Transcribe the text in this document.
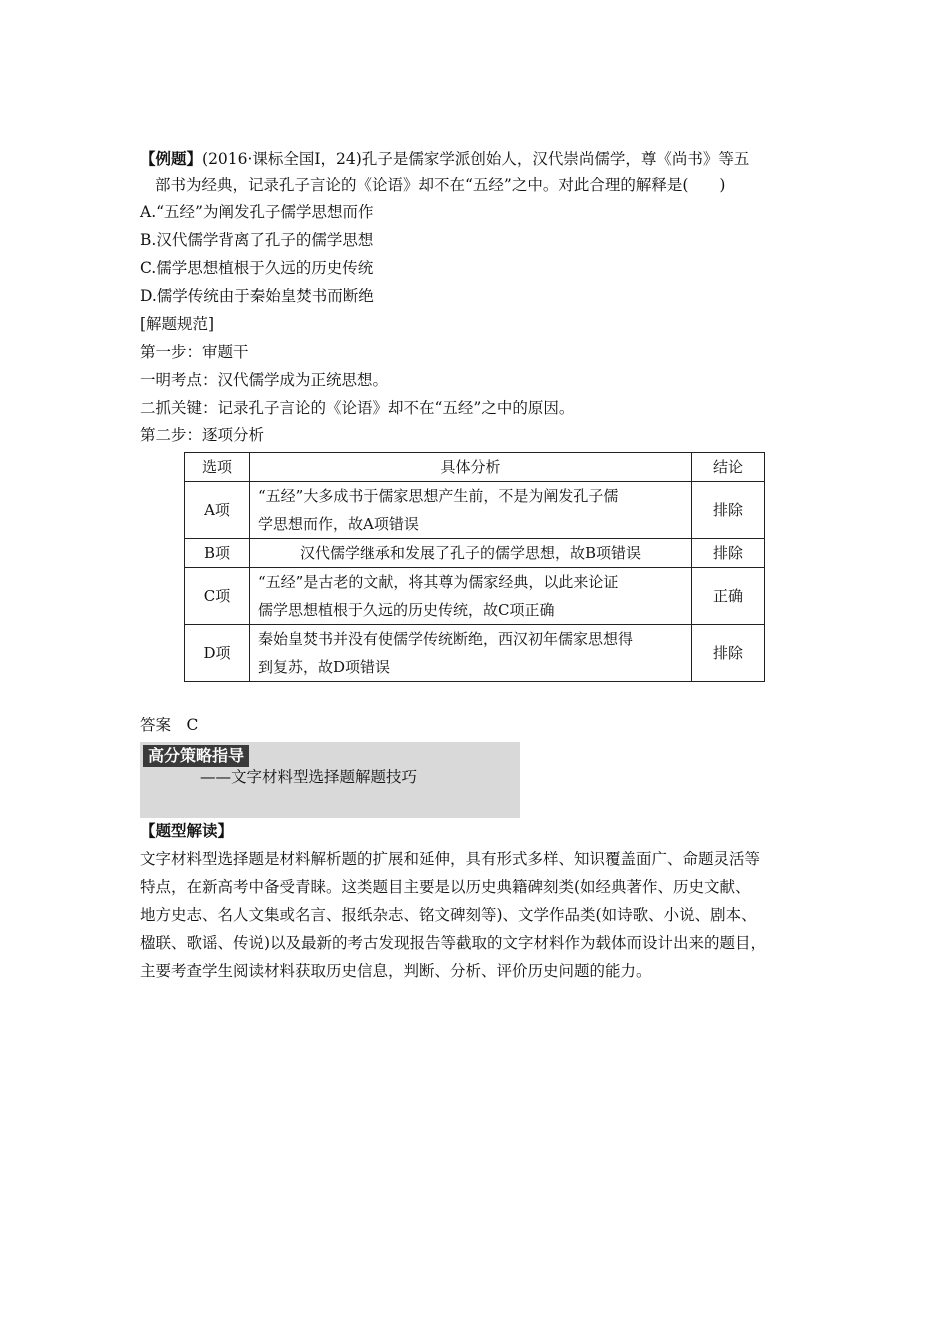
【例题】(2016·课标全国Ⅰ，24)孔子是儒家学派创始人，汉代崇尚儒学，尊《尚书》等五
部书为经典，记录孔子言论的《论语》却不在“五经”之中。对此合理的解释是(　　)
A.“五经”为阐发孔子儒学思想而作
B.汉代儒学背离了孔子的儒学思想
C.儒学思想植根于久远的历史传统
D.儒学传统由于秦始皇焚书而断绝
[解题规范]
第一步：审题干
一明考点：汉代儒学成为正统思想。
二抓关键：记录孔子言论的《论语》却不在“五经”之中的原因。
第二步：逐项分析
选项	具体分析	结论
A项	“五经”大多成书于儒家思想产生前，不是为阐发孔子儒
学思想而作，故A项错误	排除
B项	汉代儒学继承和发展了孔子的儒学思想，故B项错误	排除
C项	“五经”是古老的文献，将其尊为儒家经典，以此来论证
儒学思想植根于久远的历史传统，故C项正确	正确
D项	秦始皇焚书并没有使儒学传统断绝，西汉初年儒家思想得
到复苏，故D项错误	排除
答案　C
高分策略指导
——文字材料型选择题解题技巧
【题型解读】
文字材料型选择题是材料解析题的扩展和延伸，具有形式多样、知识覆盖面广、命题灵活等
特点，在新高考中备受青睐。这类题目主要是以历史典籍碑刻类(如经典著作、历史文献、
地方史志、名人文集或名言、报纸杂志、铭文碑刻等)、文学作品类(如诗歌、小说、剧本、
楹联、歌谣、传说)以及最新的考古发现报告等截取的文字材料作为载体而设计出来的题目，
主要考查学生阅读材料获取历史信息，判断、分析、评价历史问题的能力。
